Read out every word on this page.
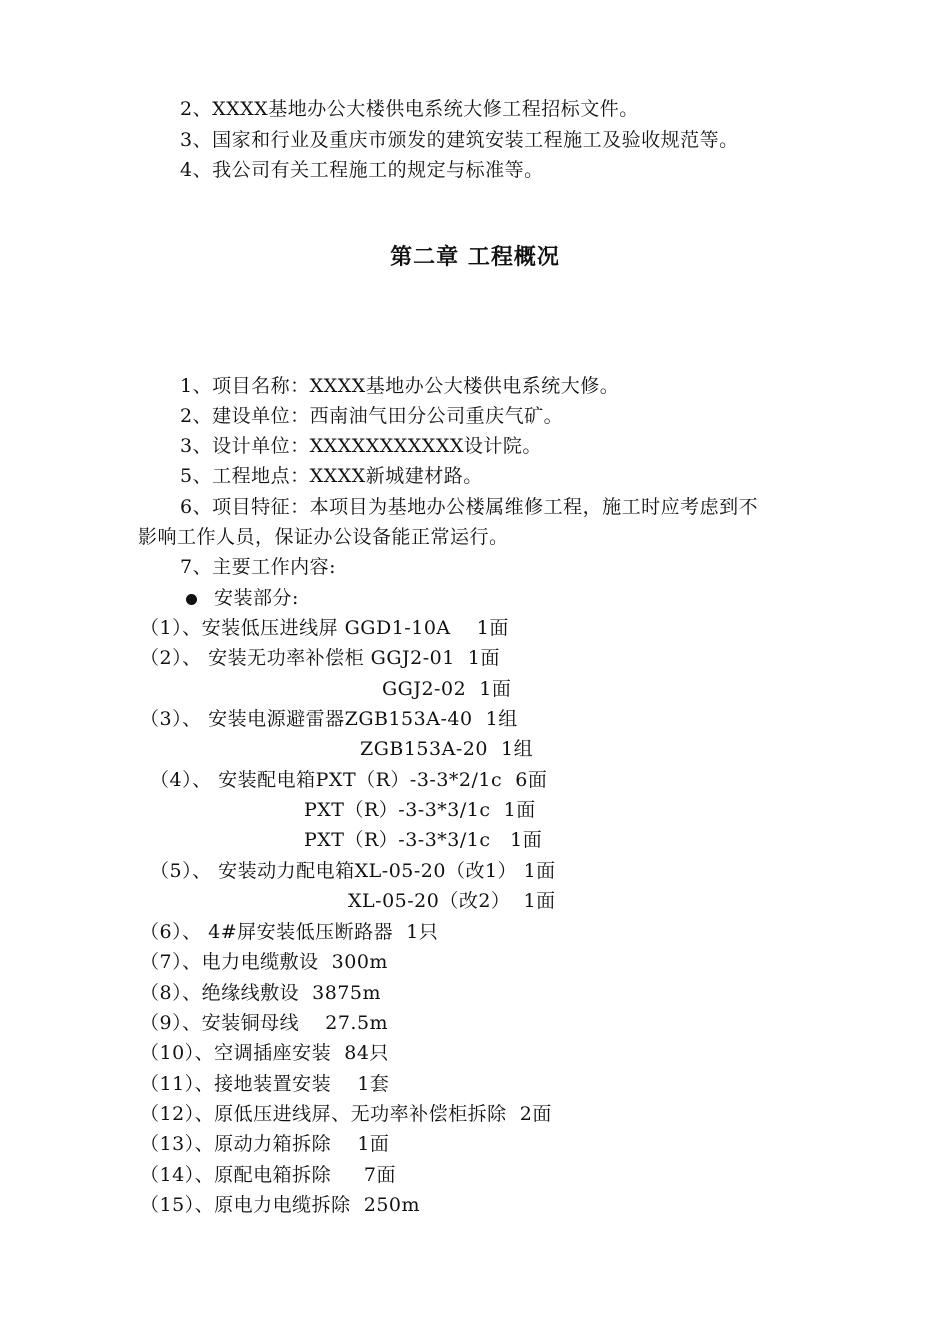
2、XXXX基地办公大楼供电系统大修工程招标文件。
3、国家和行业及重庆市颁发的建筑安装工程施工及验收规范等。
4、我公司有关工程施工的规定与标准等。
第二章 工程概况
1、项目名称：XXXX基地办公大楼供电系统大修。
2、建设单位：西南油气田分公司重庆气矿。
3、设计单位：XXXXXXXXXXX设计院。
5、工程地点：XXXX新城建材路。
6、项目特征：本项目为基地办公楼属维修工程，施工时应考虑到不
影响工作人员，保证办公设备能正常运行。
7、主要工作内容:
安装部分:
（1）、安装低压进线屏 GGD1-10A    1面
（2）、 安装无功率补偿柜 GGJ2-01  1面
GGJ2-02  1面
（3）、 安装电源避雷器ZGB153A-40  1组
ZGB153A-20  1组
（4）、 安装配电箱PXT（R）-3-3*2/1c  6面
PXT（R）-3-3*3/1c  1面
PXT（R）-3-3*3/1c   1面
（5）、 安装动力配电箱XL-05-20（改1） 1面
XL-05-20（改2）  1面
（6）、 4#屏安装低压断路器  1只
（7）、电力电缆敷设  300m
（8）、绝缘线敷设  3875m
（9）、安装铜母线    27.5m
（10）、空调插座安装  84只
（11）、接地装置安装    1套
（12）、原低压进线屏、无功率补偿柜拆除  2面
（13）、原动力箱拆除    1面
（14）、原配电箱拆除     7面
（15）、原电力电缆拆除  250m
